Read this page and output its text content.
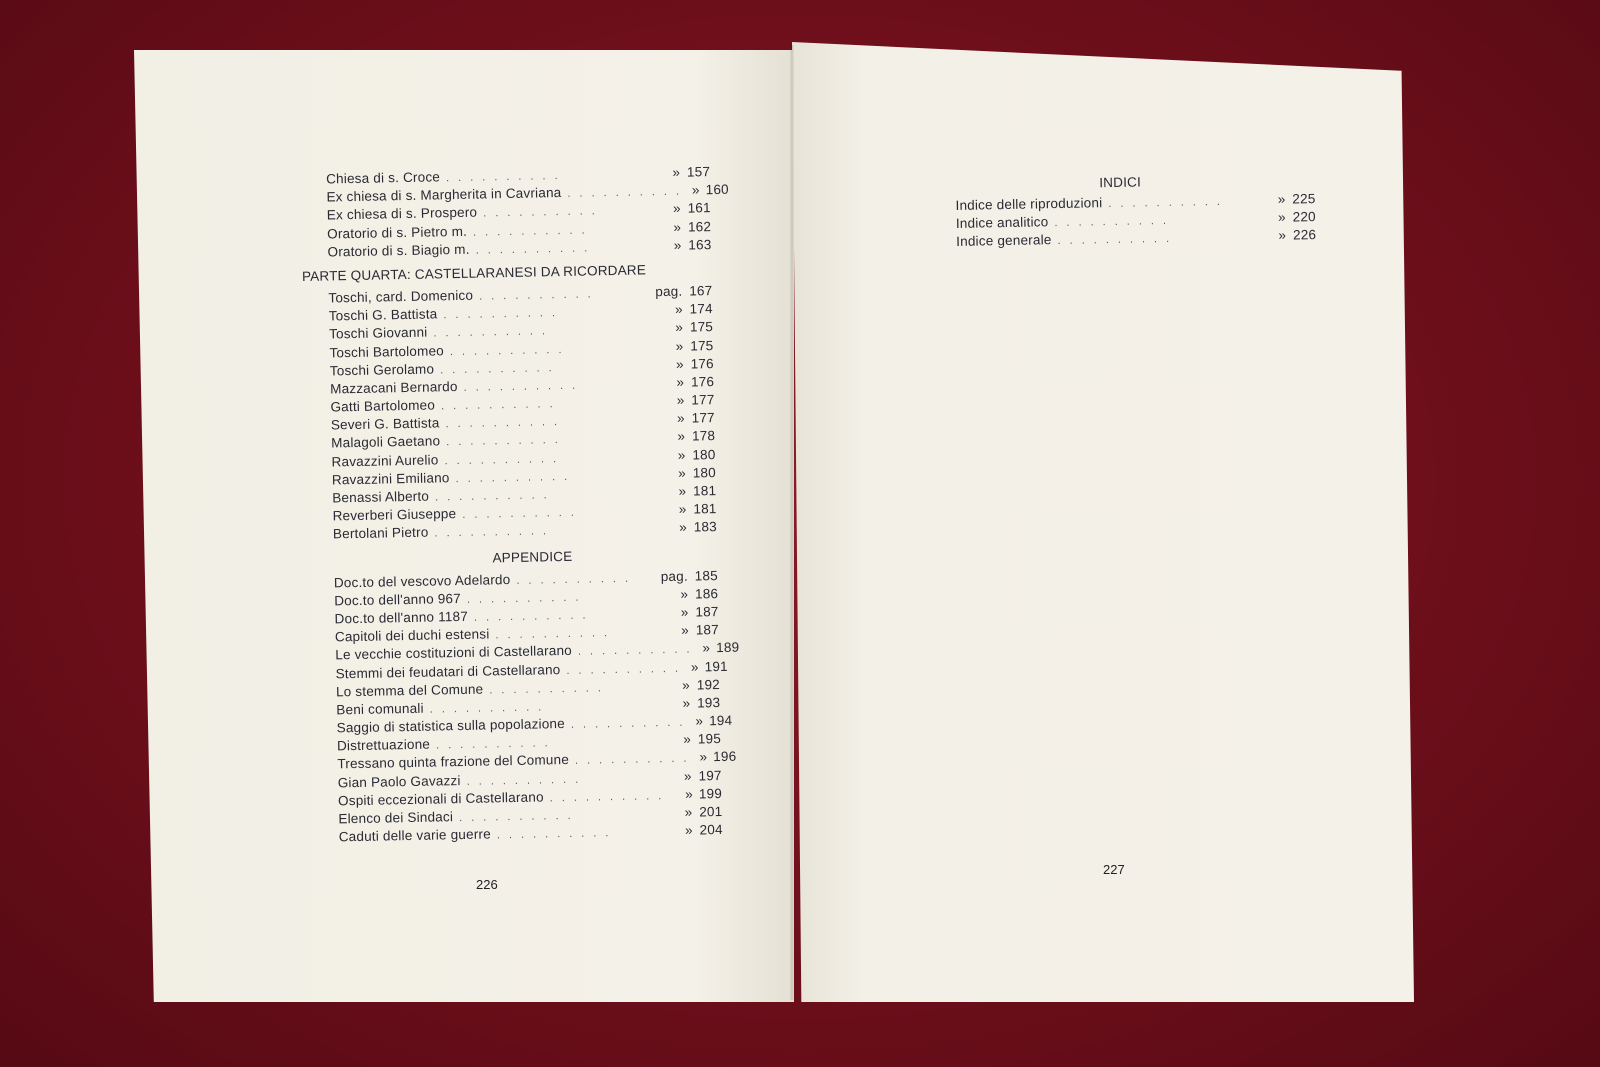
Chiesa di s. Croce ..........	» 157
Ex chiesa di s. Margherita in Cavriana .......... » 160
Ex chiesa di s. Prospero ..........	» 161
Oratorio di s. Pietro m. ..........	» 162
Oratorio di s. Biagio m. ..........	» 163
PARTE QUARTA: CASTELLARANESI DA RICORDARE
Toschi, card. Domenico ..........	pag. 167
Toschi G. Battista ..........	» 174
Toschi Giovanni ..........	» 175
Toschi Bartolomeo ..........	» 175
Toschi Gerolamo ..........	» 176
Mazzacani Bernardo ..........	» 176
Gatti Bartolomeo ..........	» 177
Severi G. Battista ..........	» 177
Malagoli Gaetano ..........	» 178
Ravazzini Aurelio ..........	» 180
Ravazzini Emiliano ..........	» 180
Benassi Alberto ..........	» 181
Reverberi Giuseppe ..........	» 181
Bertolani Pietro ..........	» 183
APPENDICE
Doc.to del vescovo Adelardo ..........	pag. 185
Doc.to dell'anno 967 ..........	» 186
Doc.to dell'anno 1187 ..........	» 187
Capitoli dei duchi estensi ..........	» 187
Le vecchie costituzioni di Castellarano .......... » 189
Stemmi dei feudatari di Castellarano .......... » 191
Lo stemma del Comune ..........	» 192
Beni comunali ..........	» 193
Saggio di statistica sulla popolazione .......... » 194
Distrettuazione ..........	» 195
Tressano quinta frazione del Comune .......... » 196
Gian Paolo Gavazzi ..........	» 197
Ospiti eccezionali di Castellarano ..........	» 199
Elenco dei Sindaci ..........	» 201
Caduti delle varie guerre ..........	» 204
226
INDICI
Indice delle riproduzioni ..........	» 225
Indice analitico ..........	» 220
Indice generale ..........	» 226
227
